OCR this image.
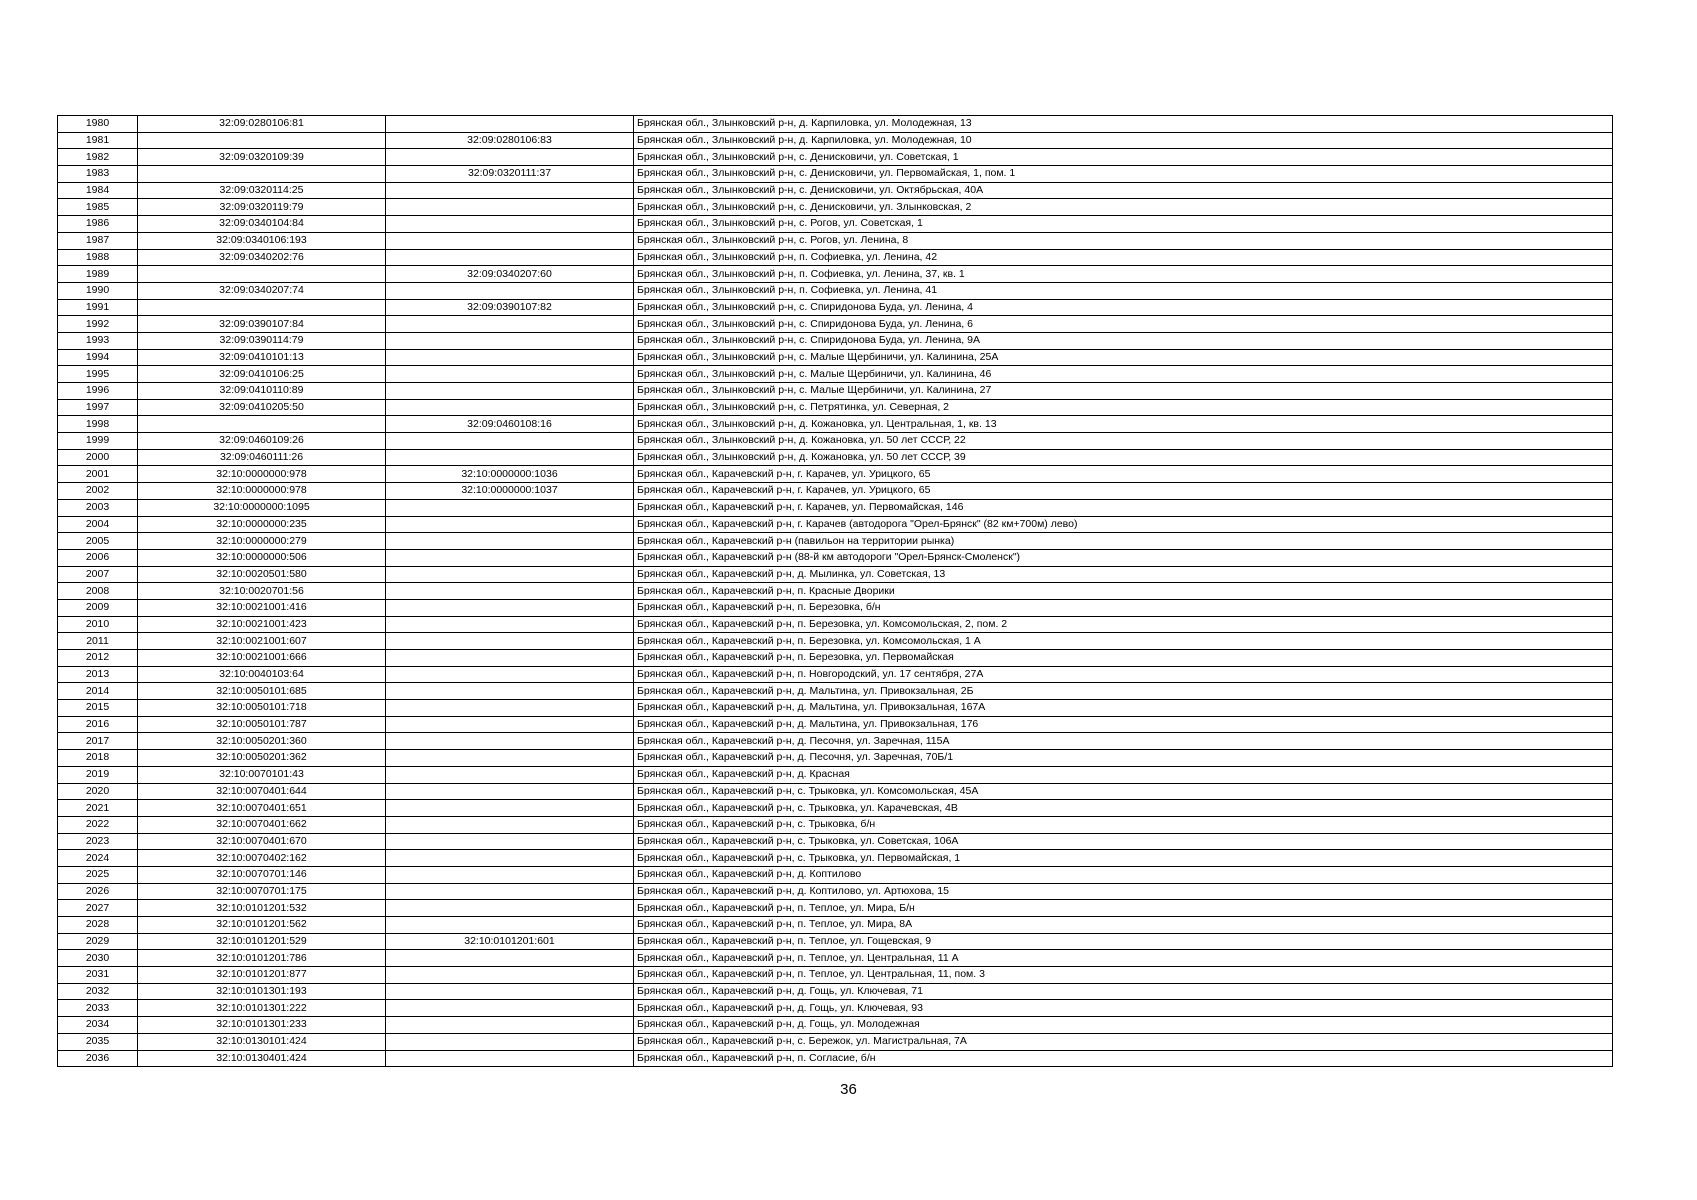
1980	32:09:0280106:81		Брянская обл., Злынковский р-н, д. Карпиловка, ул. Молодежная, 13
1981		32:09:0280106:83	Брянская обл., Злынковский р-н, д. Карпиловка, ул. Молодежная, 10
1982	32:09:0320109:39		Брянская обл., Злынковский р-н, с. Денисковичи, ул. Советская, 1
1983		32:09:0320111:37	Брянская обл., Злынковский р-н, с. Денисковичи, ул. Первомайская, 1, пом. 1
1984	32:09:0320114:25		Брянская обл., Злынковский р-н, с. Денисковичи, ул. Октябрьская, 40А
1985	32:09:0320119:79		Брянская обл., Злынковский р-н, с. Денисковичи, ул. Злынковская, 2
1986	32:09:0340104:84		Брянская обл., Злынковский р-н, с. Рогов, ул. Советская, 1
1987	32:09:0340106:193		Брянская обл., Злынковский р-н, с. Рогов, ул. Ленина, 8
1988	32:09:0340202:76		Брянская обл., Злынковский р-н, п. Софиевка, ул. Ленина, 42
1989		32:09:0340207:60	Брянская обл., Злынковский р-н, п. Софиевка, ул. Ленина, 37, кв. 1
1990	32:09:0340207:74		Брянская обл., Злынковский р-н, п. Софиевка, ул. Ленина, 41
1991		32:09:0390107:82	Брянская обл., Злынковский р-н, с. Спиридонова Буда, ул. Ленина, 4
1992	32:09:0390107:84		Брянская обл., Злынковский р-н, с. Спиридонова Буда, ул. Ленина, 6
1993	32:09:0390114:79		Брянская обл., Злынковский р-н, с. Спиридонова Буда, ул. Ленина, 9А
1994	32:09:0410101:13		Брянская обл., Злынковский р-н, с. Малые Щербиничи, ул. Калинина, 25А
1995	32:09:0410106:25		Брянская обл., Злынковский р-н, с. Малые Щербиничи, ул. Калинина, 46
1996	32:09:0410110:89		Брянская обл., Злынковский р-н, с. Малые Щербиничи, ул. Калинина, 27
1997	32:09:0410205:50		Брянская обл., Злынковский р-н, с. Петрятинка, ул. Северная, 2
1998		32:09:0460108:16	Брянская обл., Злынковский р-н, д. Кожановка, ул. Центральная, 1, кв. 13
1999	32:09:0460109:26		Брянская обл., Злынковский р-н, д. Кожановка, ул. 50 лет СССР, 22
2000	32:09:0460111:26		Брянская обл., Злынковский р-н, д. Кожановка, ул. 50 лет СССР, 39
2001	32:10:0000000:978	32:10:0000000:1036	Брянская обл., Карачевский р-н, г. Карачев, ул. Урицкого, 65
2002	32:10:0000000:978	32:10:0000000:1037	Брянская обл., Карачевский р-н, г. Карачев, ул. Урицкого, 65
2003	32:10:0000000:1095		Брянская обл., Карачевский р-н, г. Карачев, ул. Первомайская, 146
2004	32:10:0000000:235		Брянская обл., Карачевский р-н, г. Карачев (автодорога "Орел-Брянск" (82 км+700м) лево)
2005	32:10:0000000:279		Брянская обл., Карачевский р-н (павильон на территории рынка)
2006	32:10:0000000:506		Брянская обл., Карачевский р-н (88-й км автодороги "Орел-Брянск-Смоленск")
2007	32:10:0020501:580		Брянская обл., Карачевский р-н, д. Мылинка, ул. Советская, 13
2008	32:10:0020701:56		Брянская обл., Карачевский р-н, п. Красные Дворики
2009	32:10:0021001:416		Брянская обл., Карачевский р-н, п. Березовка, б/н
2010	32:10:0021001:423		Брянская обл., Карачевский р-н, п. Березовка, ул. Комсомольская, 2, пом. 2
2011	32:10:0021001:607		Брянская обл., Карачевский р-н, п. Березовка, ул. Комсомольская, 1 А
2012	32:10:0021001:666		Брянская обл., Карачевский р-н, п. Березовка, ул. Первомайская
2013	32:10:0040103:64		Брянская обл., Карачевский р-н, п. Новгородский, ул. 17 сентября, 27А
2014	32:10:0050101:685		Брянская обл., Карачевский р-н, д. Мальтина, ул. Привокзальная, 2Б
2015	32:10:0050101:718		Брянская обл., Карачевский р-н, д. Мальтина, ул. Привокзальная, 167А
2016	32:10:0050101:787		Брянская обл., Карачевский р-н, д. Мальтина, ул. Привокзальная, 176
2017	32:10:0050201:360		Брянская обл., Карачевский р-н, д. Песочня, ул. Заречная, 115А
2018	32:10:0050201:362		Брянская обл., Карачевский р-н, д. Песочня, ул. Заречная, 70Б/1
2019	32:10:0070101:43		Брянская обл., Карачевский р-н, д. Красная
2020	32:10:0070401:644		Брянская обл., Карачевский р-н, с. Трыковка, ул. Комсомольская, 45А
2021	32:10:0070401:651		Брянская обл., Карачевский р-н, с. Трыковка, ул. Карачевская, 4В
2022	32:10:0070401:662		Брянская обл., Карачевский р-н, с. Трыковка, б/н
2023	32:10:0070401:670		Брянская обл., Карачевский р-н, с. Трыковка, ул. Советская, 106А
2024	32:10:0070402:162		Брянская обл., Карачевский р-н, с. Трыковка, ул. Первомайская, 1
2025	32:10:0070701:146		Брянская обл., Карачевский р-н, д. Коптилово
2026	32:10:0070701:175		Брянская обл., Карачевский р-н, д. Коптилово, ул. Артюхова, 15
2027	32:10:0101201:532		Брянская обл., Карачевский р-н, п. Теплое, ул. Мира, Б/н
2028	32:10:0101201:562		Брянская обл., Карачевский р-н, п. Теплое, ул. Мира, 8А
2029	32:10:0101201:529	32:10:0101201:601	Брянская обл., Карачевский р-н, п. Теплое, ул. Гощевская, 9
2030	32:10:0101201:786		Брянская обл., Карачевский р-н, п. Теплое, ул. Центральная, 11 А
2031	32:10:0101201:877		Брянская обл., Карачевский р-н, п. Теплое, ул. Центральная, 11, пом. 3
2032	32:10:0101301:193		Брянская обл., Карачевский р-н, д. Гощь, ул. Ключевая, 71
2033	32:10:0101301:222		Брянская обл., Карачевский р-н, д. Гощь, ул. Ключевая, 93
2034	32:10:0101301:233		Брянская обл., Карачевский р-н, д. Гощь, ул. Молодежная
2035	32:10:0130101:424		Брянская обл., Карачевский р-н, с. Бережок, ул. Магистральная, 7А
2036	32:10:0130401:424		Брянская обл., Карачевский р-н, п. Согласие, б/н
36
